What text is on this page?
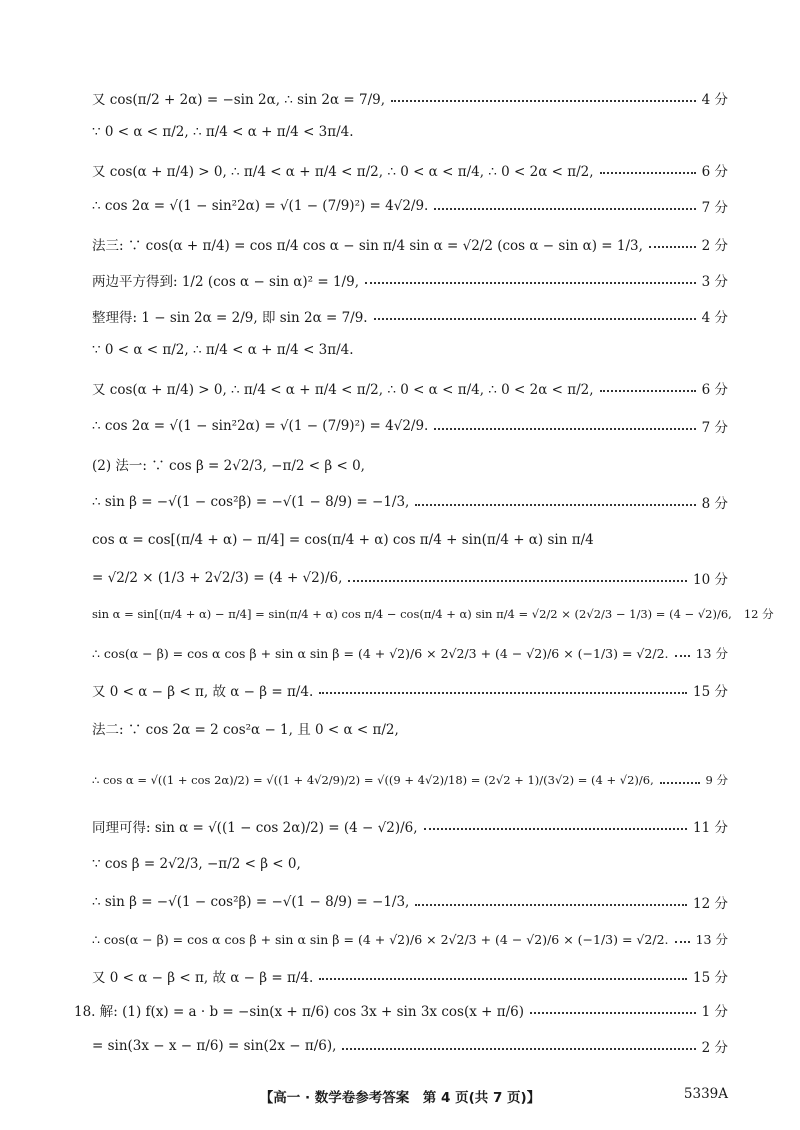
又 cos(π/2 + 2α) = −sin 2α, ∴ sin 2α = 7/9,	4 分
∵ 0 < α < π/2, ∴ π/4 < α + π/4 < 3π/4.
又 cos(α + π/4) > 0, ∴ π/4 < α + π/4 < π/2, ∴ 0 < α < π/4, ∴ 0 < 2α < π/2,	6 分
∴ cos 2α = √(1 − sin²2α) = √(1 − (7/9)²) = 4√2/9.	7 分
法三: ∵ cos(α + π/4) = cos π/4 cos α − sin π/4 sin α = √2/2 (cos α − sin α) = 1/3,	2 分
两边平方得到: 1/2 (cos α − sin α)² = 1/9,	3 分
整理得: 1 − sin 2α = 2/9, 即 sin 2α = 7/9.	4 分
∵ 0 < α < π/2, ∴ π/4 < α + π/4 < 3π/4.
又 cos(α + π/4) > 0, ∴ π/4 < α + π/4 < π/2, ∴ 0 < α < π/4, ∴ 0 < 2α < π/2,	6 分
∴ cos 2α = √(1 − sin²2α) = √(1 − (7/9)²) = 4√2/9.	7 分
(2) 法一: ∵ cos β = 2√2/3, −π/2 < β < 0,
∴ sin β = −√(1 − cos²β) = −√(1 − 8/9) = −1/3,	8 分
cos α = cos[(π/4 + α) − π/4] = cos(π/4 + α) cos π/4 + sin(π/4 + α) sin π/4
= √2/2 × (1/3 + 2√2/3) = (4 + √2)/6,	10 分
sin α = sin[(π/4 + α) − π/4] = sin(π/4 + α) cos π/4 − cos(π/4 + α) sin π/4 = √2/2 × (2√2/3 − 1/3) = (4 − √2)/6, 12 分
∴ cos(α − β) = cos α cos β + sin α sin β = (4 + √2)/6 × 2√2/3 + (4 − √2)/6 × (−1/3) = √2/2. 13 分
又 0 < α − β < π, 故 α − β = π/4.	15 分
法二: ∵ cos 2α = 2 cos²α − 1, 且 0 < α < π/2,
∴ cos α = √((1 + cos 2α)/2) = √((1 + 4√2/9)/2) = √((9 + 4√2)/18) = (2√2 + 1)/(3√2) = (4 + √2)/6,	9 分
同理可得: sin α = √((1 − cos 2α)/2) = (4 − √2)/6,	11 分
∵ cos β = 2√2/3, −π/2 < β < 0,
∴ sin β = −√(1 − cos²β) = −√(1 − 8/9) = −1/3,	12 分
∴ cos(α − β) = cos α cos β + sin α sin β = (4 + √2)/6 × 2√2/3 + (4 − √2)/6 × (−1/3) = √2/2. 13 分
又 0 < α − β < π, 故 α − β = π/4.	15 分
18. 解: (1) f(x) = a · b = −sin(x + π/6) cos 3x + sin 3x cos(x + π/6)	1 分
= sin(3x − x − π/6) = sin(2x − π/6),	2 分
【高一 · 数学卷参考答案　第 4 页(共 7 页)】	5339A
